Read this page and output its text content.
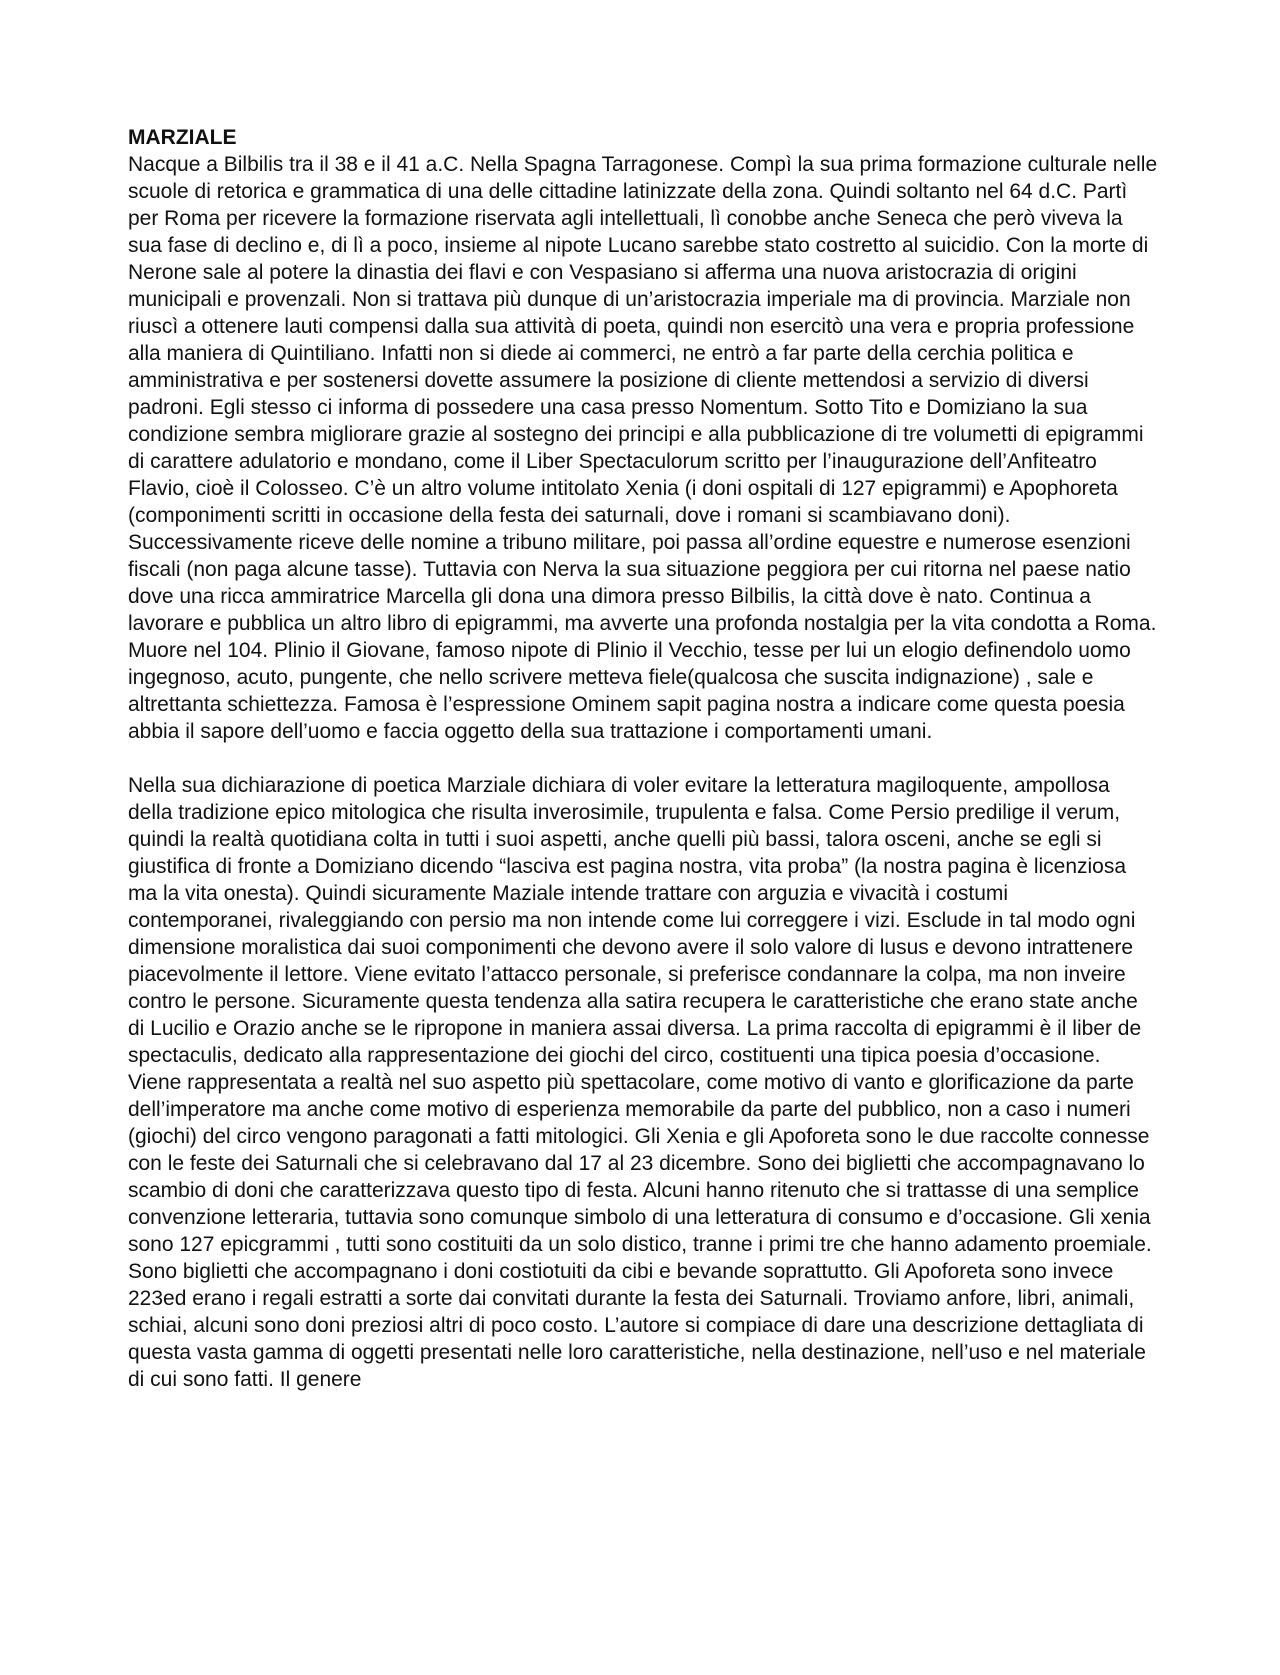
MARZIALE

Nacque a Bilbilis tra il 38 e il 41 a.C. Nella Spagna Tarragonese. Compì la sua prima formazione culturale nelle scuole di retorica e grammatica di una delle cittadine latinizzate della zona. Quindi soltanto nel 64 d.C. Partì per Roma per ricevere la formazione riservata agli intellettuali, lì conobbe anche Seneca che però viveva la sua fase di declino e, di lì a poco, insieme al nipote Lucano sarebbe stato costretto al suicidio. Con la morte di Nerone sale al potere la dinastia dei flavi e con Vespasiano si afferma una nuova aristocrazia di origini municipali e provenzali. Non si trattava più dunque di un’aristocrazia imperiale ma di provincia. Marziale non riuscì a ottenere lauti compensi dalla sua attività di poeta, quindi non esercitò una vera e propria professione alla maniera di Quintiliano. Infatti non si diede ai commerci, ne entrò a far parte della cerchia politica e amministrativa e per sostenersi dovette assumere la posizione di cliente mettendosi a servizio di diversi padroni. Egli stesso ci informa di possedere una casa presso Nomentum. Sotto Tito e Domiziano la sua condizione sembra migliorare grazie al sostegno dei principi e alla pubblicazione di tre volumetti di epigrammi di carattere adulatorio e mondano, come il Liber Spectaculorum scritto per l’inaugurazione dell’Anfiteatro Flavio, cioè il Colosseo. C’è un altro volume intitolato Xenia (i doni ospitali di 127 epigrammi) e Apophoreta (componimenti scritti in occasione della festa dei saturnali, dove i romani si scambiavano doni). Successivamente riceve delle nomine a tribuno militare, poi passa all’ordine equestre e numerose esenzioni fiscali (non paga alcune tasse). Tuttavia con Nerva la sua situazione peggiora per cui ritorna nel paese natio dove una ricca ammiratrice Marcella gli dona una dimora presso Bilbilis, la città dove è nato. Continua a lavorare e pubblica un altro libro di epigrammi, ma avverte una profonda nostalgia per la vita condotta a Roma. Muore nel 104. Plinio il Giovane, famoso nipote di Plinio il Vecchio, tesse per lui un elogio definendolo uomo ingegnoso, acuto, pungente, che nello scrivere metteva fiele(qualcosa che suscita indignazione) , sale e altrettanta schiettezza. Famosa è l’espressione Ominem sapit pagina nostra a indicare come questa poesia abbia il sapore dell’uomo e faccia oggetto della sua trattazione i comportamenti umani.

Nella sua dichiarazione di poetica Marziale dichiara di voler evitare la letteratura magiloquente, ampollosa della tradizione epico mitologica che risulta inverosimile, trupulenta e falsa. Come Persio predilige il verum, quindi la realtà quotidiana colta in tutti i suoi aspetti, anche quelli più bassi, talora osceni, anche se egli si giustifica di fronte a Domiziano dicendo “lasciva est pagina nostra, vita proba” (la nostra pagina è licenziosa ma la vita onesta). Quindi sicuramente Maziale intende trattare con arguzia e vivacità i costumi contemporanei, rivaleggiando con persio ma non intende come lui correggere i vizi. Esclude in tal modo ogni dimensione moralistica dai suoi componimenti che devono avere il solo valore di lusus e devono intrattenere piacevolmente il lettore. Viene evitato l’attacco personale, si preferisce condannare la colpa, ma non inveire contro le persone. Sicuramente questa tendenza alla satira recupera le caratteristiche che erano state anche di Lucilio e Orazio anche se le ripropone in maniera assai diversa. La prima raccolta di epigrammi è il liber de spectaculis, dedicato alla rappresentazione dei giochi del circo, costituenti una tipica poesia d’occasione. Viene rappresentata a realtà nel suo aspetto più spettacolare, come motivo di vanto e glorificazione da parte dell’imperatore ma anche come motivo di esperienza memorabile da parte del pubblico, non a caso i numeri (giochi) del circo vengono paragonati a fatti mitologici. Gli Xenia e gli Apoforeta sono le due raccolte connesse con le feste dei Saturnali che si celebravano dal 17 al 23 dicembre. Sono dei biglietti che accompagnavano lo scambio di doni che caratterizzava questo tipo di festa. Alcuni hanno ritenuto che si trattasse di una semplice convenzione letteraria, tuttavia sono comunque simbolo di una letteratura di consumo e d’occasione. Gli xenia sono 127 epicgrammi , tutti sono costituiti da un solo distico, tranne i primi tre che hanno adamento proemiale. Sono biglietti che accompagnano i doni costiotuiti da cibi e bevande soprattutto. Gli Apoforeta sono invece 223ed erano i regali estratti a sorte dai convitati durante la festa dei Saturnali. Troviamo anfore, libri, animali, schiai, alcuni sono doni preziosi altri di poco costo. L’autore si compiace di dare una descrizione dettagliata di questa vasta gamma di oggetti presentati nelle loro caratteristiche, nella destinazione, nell’uso e nel materiale di cui sono fatti. Il genere
